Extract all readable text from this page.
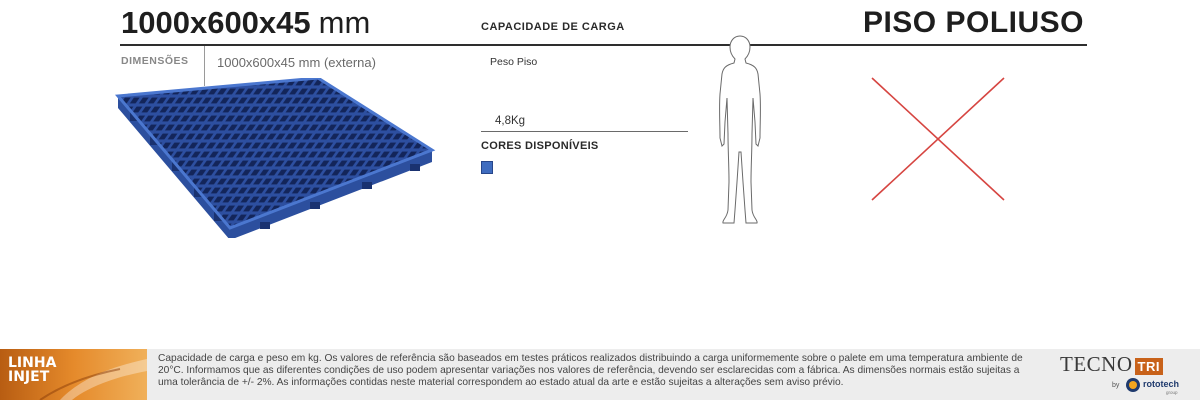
1000x600x45 mm	CAPACIDADE DE CARGA	PISO POLIUSO
DIMENSÕES 1000x600x45 mm (externa)	Peso Piso
4,8Kg
CORES DISPONÍVEIS
LINHA
INJET
Capacidade de carga e peso em kg. Os valores de referência são baseados em testes práticos realizados distribuindo a carga uniformemente sobre o palete em uma temperatura ambiente de 20°C. Informamos que as diferentes condições de uso podem apresentar variações nos valores de referência, devendo ser esclarecidas com a fábrica. As dimensões normais estão sujeitas a uma tolerância de +/- 2%. As informações contidas neste material correspondem ao estado atual da arte e estão sujeitas a alterações sem aviso prévio.
TECNO TRI
by	rototech
group
